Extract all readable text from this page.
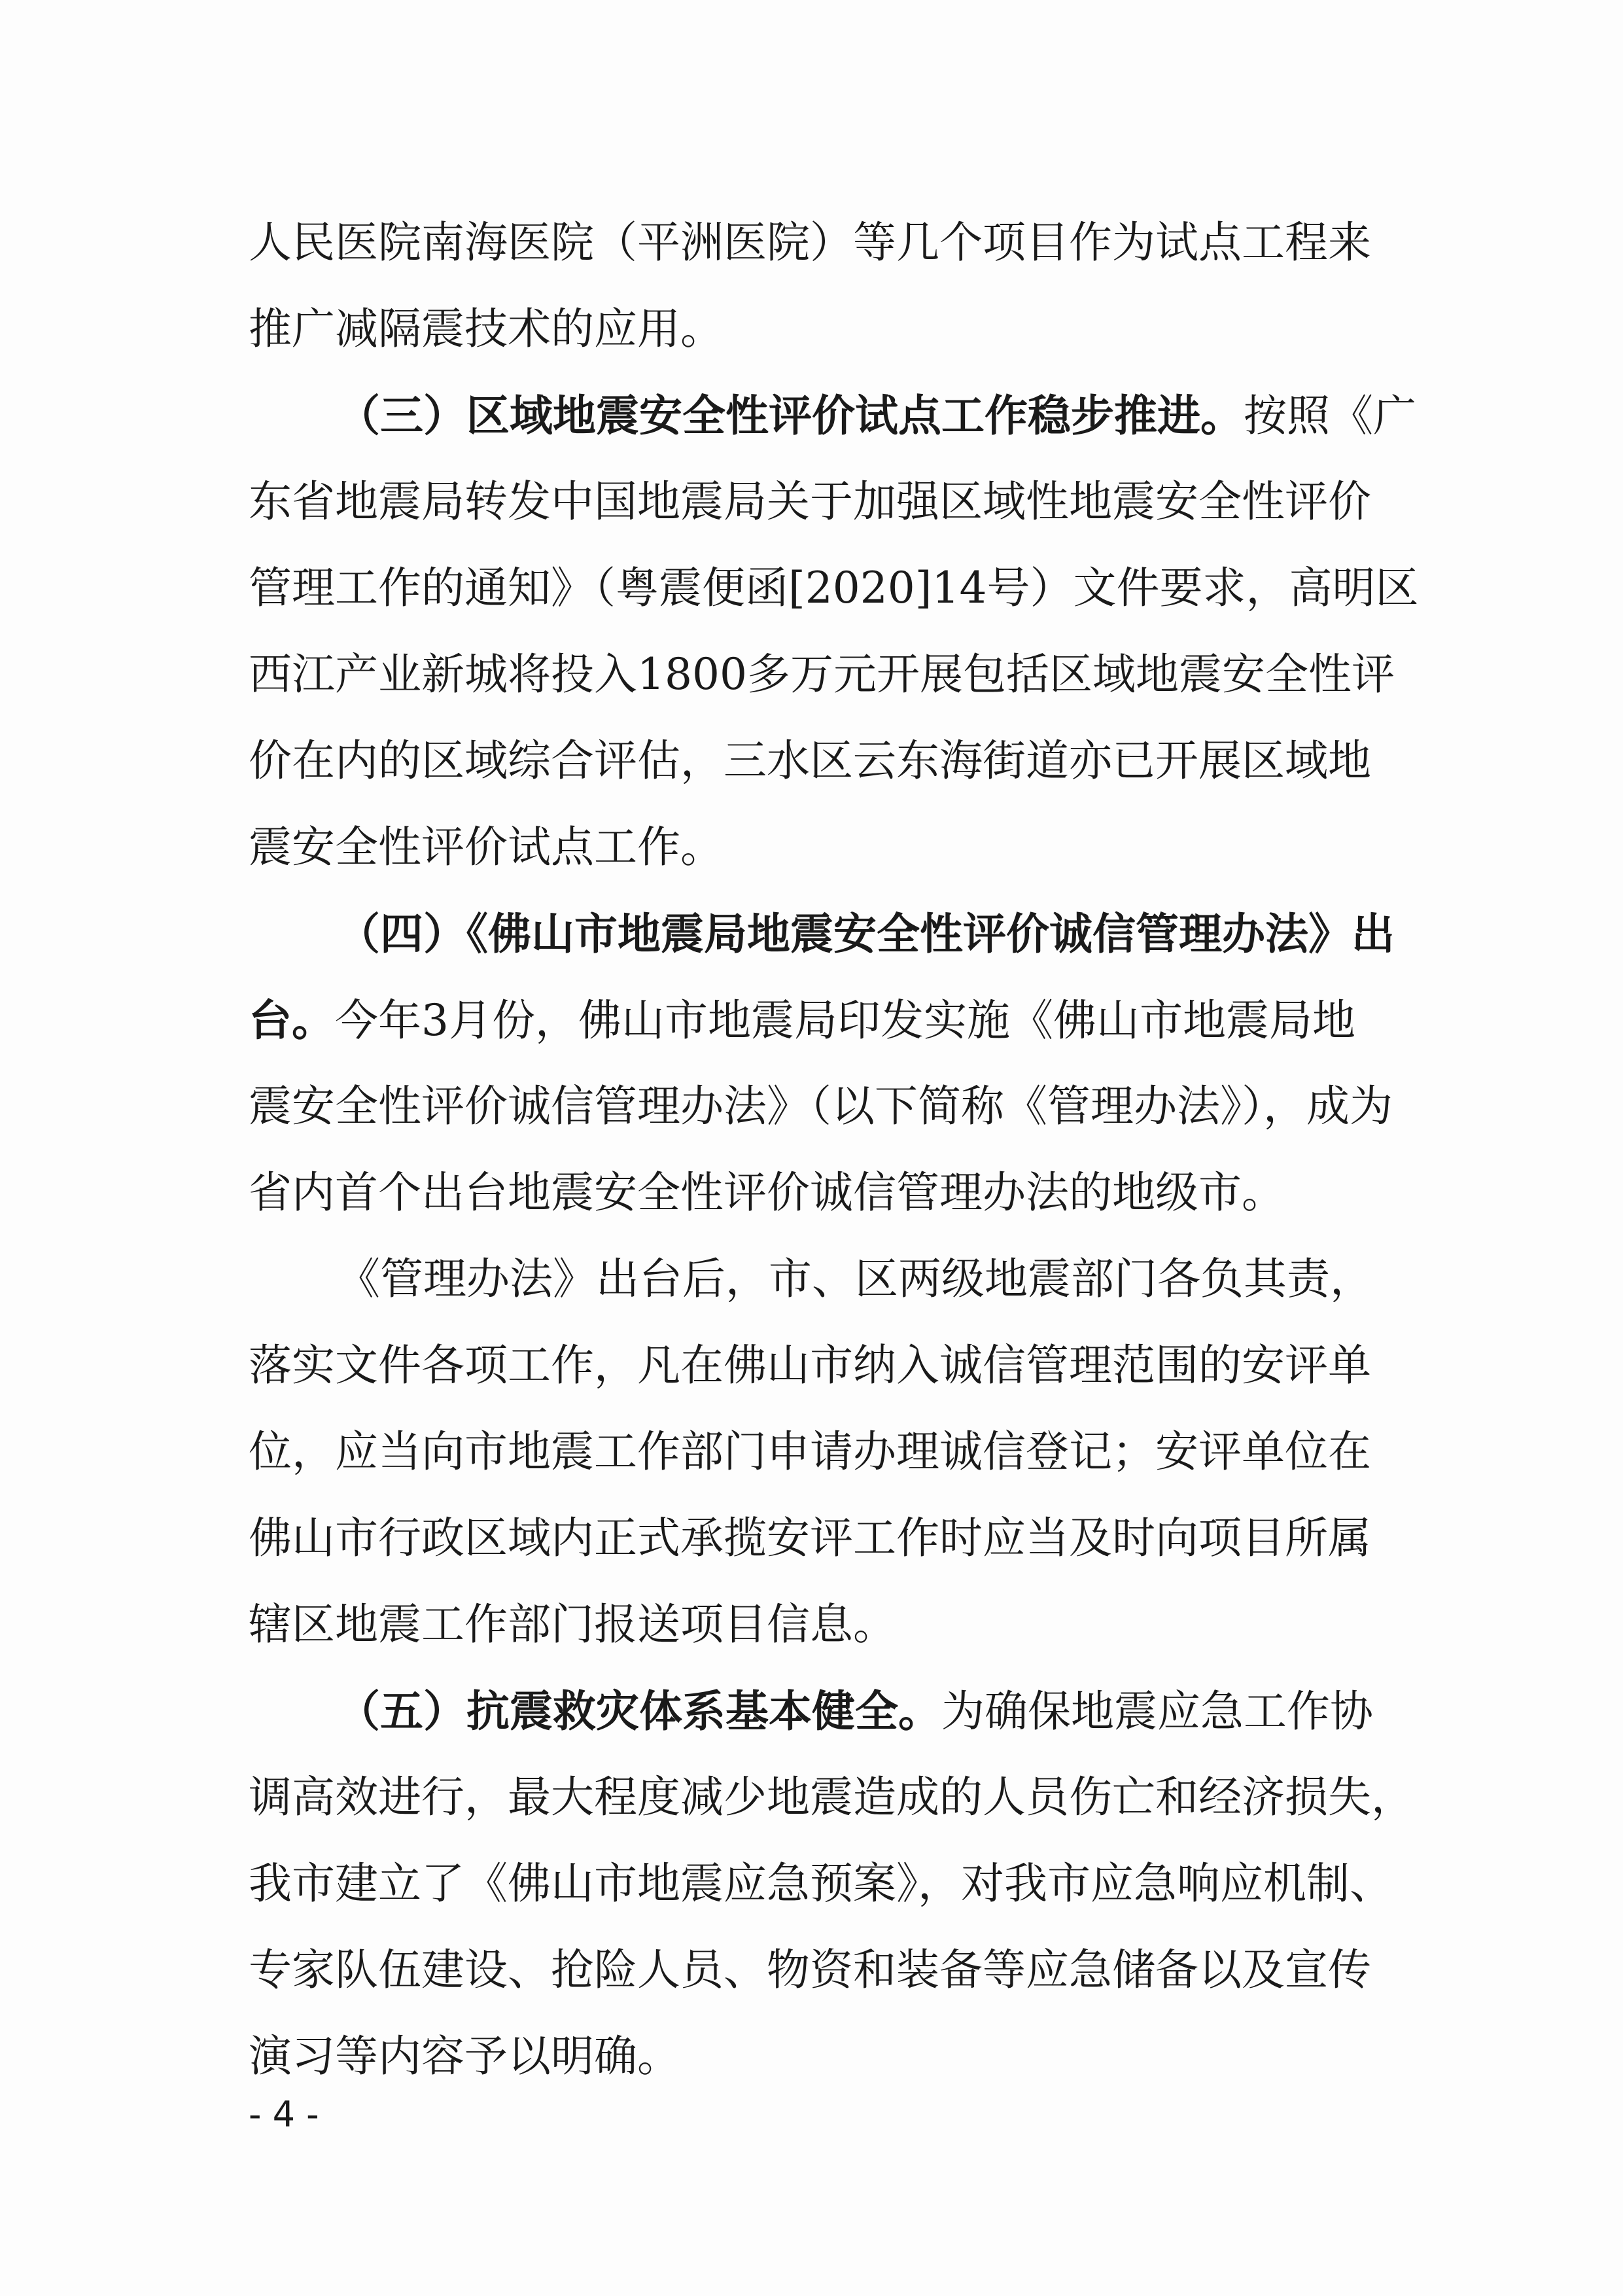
人民医院南海医院（平洲医院）等几个项目作为试点工程来
推广减隔震技术的应用。
（三）区域地震安全性评价试点工作稳步推进。按照《广
东省地震局转发中国地震局关于加强区域性地震安全性评价
管理工作的通知》（粤震便函[2020]14号）文件要求，高明区
西江产业新城将投入1800多万元开展包括区域地震安全性评
价在内的区域综合评估，三水区云东海街道亦已开展区域地
震安全性评价试点工作。
（四）《佛山市地震局地震安全性评价诚信管理办法》出
台。今年3月份，佛山市地震局印发实施《佛山市地震局地
震安全性评价诚信管理办法》（以下简称《管理办法》），成为
省内首个出台地震安全性评价诚信管理办法的地级市。
《管理办法》出台后，市、区两级地震部门各负其责，
落实文件各项工作，凡在佛山市纳入诚信管理范围的安评单
位，应当向市地震工作部门申请办理诚信登记；安评单位在
佛山市行政区域内正式承揽安评工作时应当及时向项目所属
辖区地震工作部门报送项目信息。
（五）抗震救灾体系基本健全。为确保地震应急工作协
调高效进行，最大程度减少地震造成的人员伤亡和经济损失，
我市建立了《佛山市地震应急预案》，对我市应急响应机制、
专家队伍建设、抢险人员、物资和装备等应急储备以及宣传
演习等内容予以明确。
- 4 -
